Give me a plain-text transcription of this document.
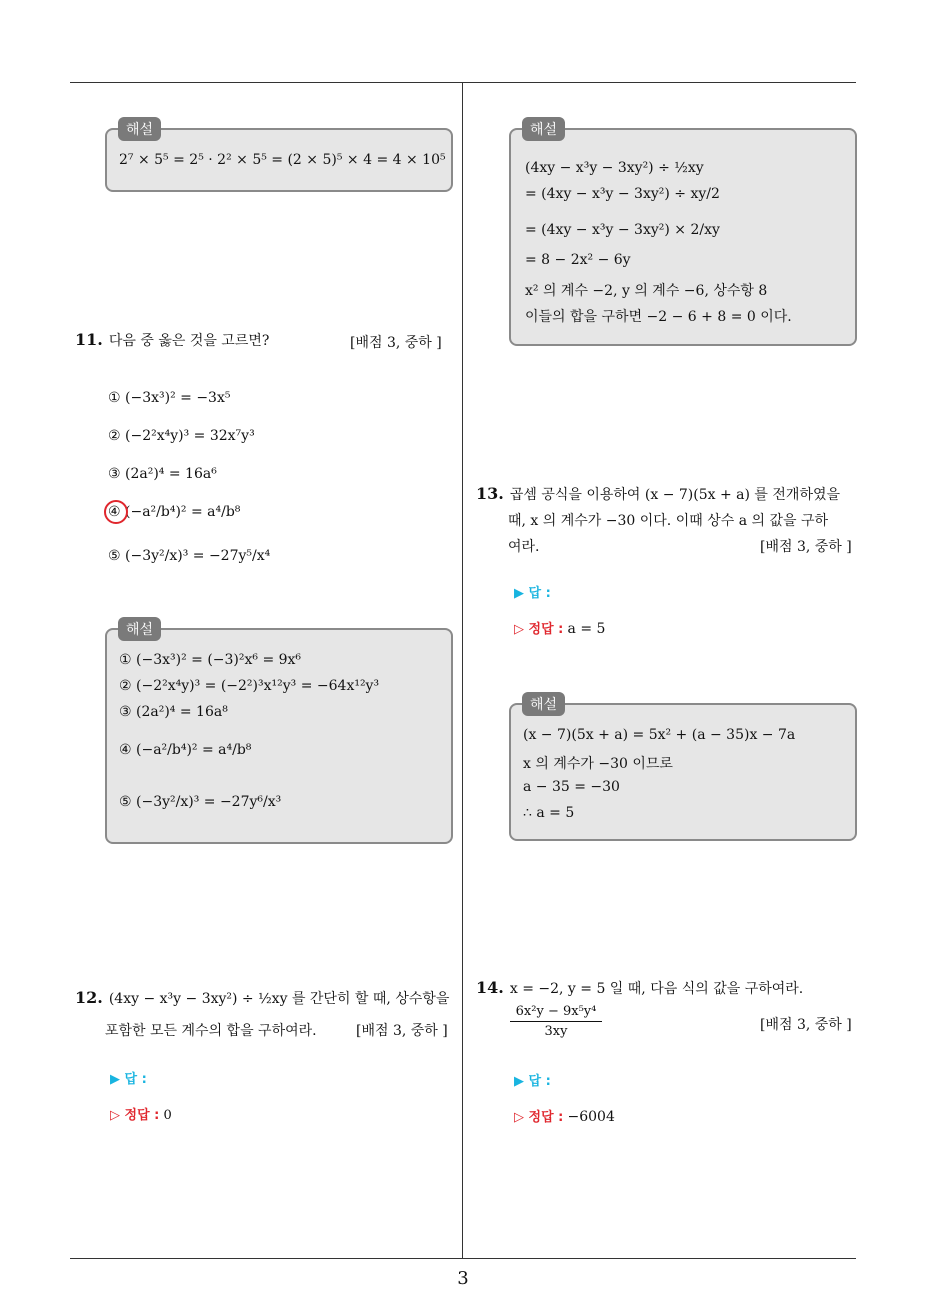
2⁷ × 5⁵ = 2⁵ · 2² × 5⁵ = (2 × 5)⁵ × 4 = 4 × 10⁵
해설
11. 다음 중 옳은 것을 고르면?	[배점 3, 중하 ]
① (−3x³)² = −3x⁵
② (−2²x⁴y)³ = 32x⁷y³
③ (2a²)⁴ = 16a⁶
④ (−a²/b⁴)² = a⁴/b⁸
⑤ (−3y²/x)³ = −27y⁵/x⁴
① (−3x³)² = (−3)²x⁶ = 9x⁶
② (−2²x⁴y)³ = (−2²)³x¹²y³ = −64x¹²y³
③ (2a²)⁴ = 16a⁸
④ (−a²/b⁴)² = a⁴/b⁸
⑤ (−3y²/x)³ = −27y⁶/x³
해설
12. (4xy − x³y − 3xy²) ÷ ½xy 를 간단히 할 때, 상수항을
포함한 모든 계수의 합을 구하여라.	[배점 3, 중하 ]
▶ 답 :
▷ 정답 : 0
(4xy − x³y − 3xy²) ÷ ½xy
= (4xy − x³y − 3xy²) ÷ xy/2
= (4xy − x³y − 3xy²) × 2/xy
= 8 − 2x² − 6y
x² 의 계수 −2, y 의 계수 −6, 상수항 8
이들의 합을 구하면 −2 − 6 + 8 = 0 이다.
해설
13. 곱셈 공식을 이용하여 (x − 7)(5x + a) 를 전개하였을
때, x 의 계수가 −30 이다. 이때 상수 a 의 값을 구하
여라.	[배점 3, 중하 ]
▶ 답 :
▷ 정답 : a = 5
(x − 7)(5x + a) = 5x² + (a − 35)x − 7a
x 의 계수가 −30 이므로
a − 35 = −30
∴ a = 5
해설
14. x = −2, y = 5 일 때, 다음 식의 값을 구하여라.
$\frac{\text{6x²y − 9x⁵y⁴}}{3xy}$	[배점 3, 중하 ]
▶ 답 :
▷ 정답 : −6004
3
